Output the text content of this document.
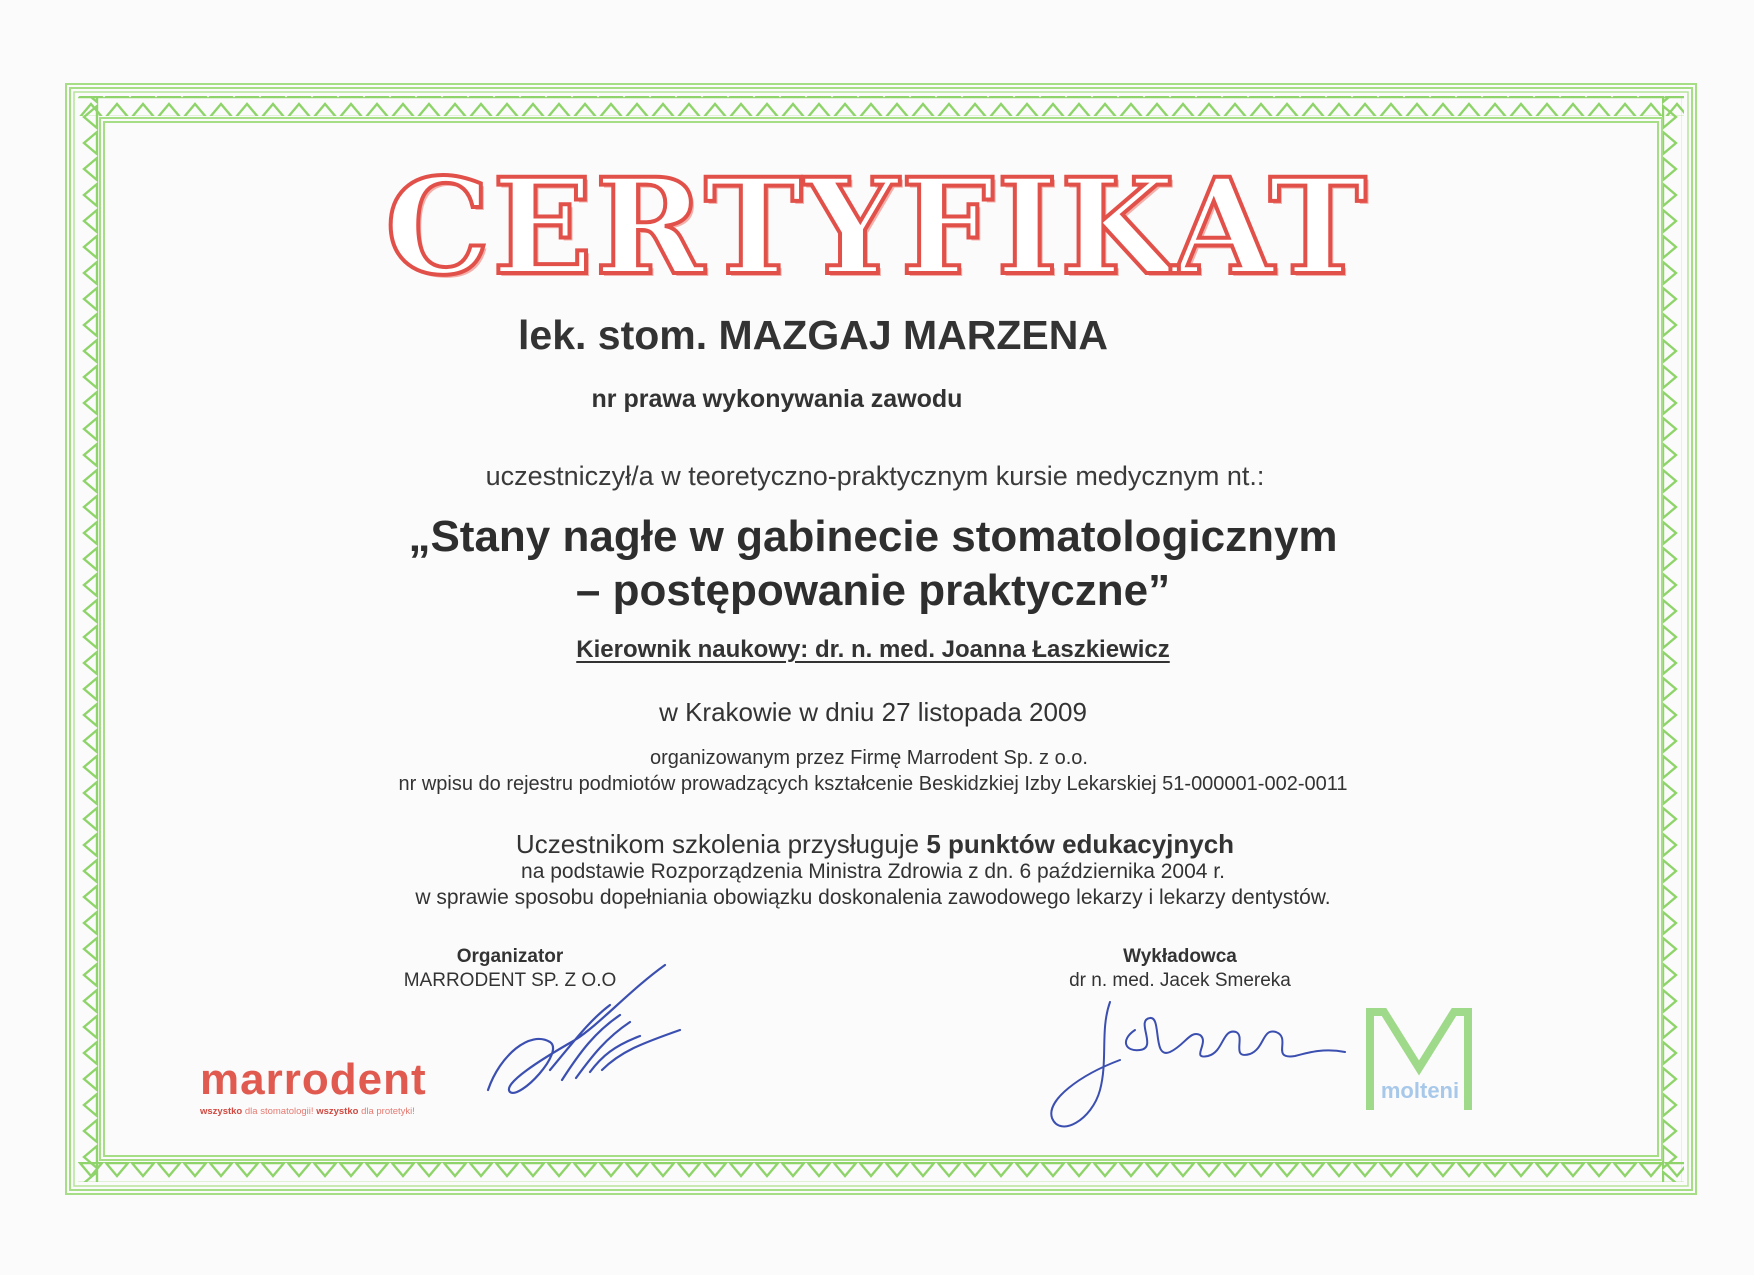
CERTYFIKAT
lek. stom. MAZGAJ MARZENA
nr prawa wykonywania zawodu
uczestniczył/a w teoretyczno-praktycznym kursie medycznym nt.:
„Stany nagłe w gabinecie stomatologicznym
– postępowanie praktyczne”
Kierownik naukowy: dr. n. med. Joanna Łaszkiewicz
w Krakowie w dniu 27 listopada 2009
organizowanym przez Firmę Marrodent Sp. z o.o.
nr wpisu do rejestru podmiotów prowadzących kształcenie Beskidzkiej Izby Lekarskiej 51-000001-002-0011
Uczestnikom szkolenia przysługuje 5 punktów edukacyjnych
na podstawie Rozporządzenia Ministra Zdrowia z dn. 6 października 2004 r.
w sprawie sposobu dopełniania obowiązku doskonalenia zawodowego lekarzy i lekarzy dentystów.
Organizator
MARRODENT SP. Z O.O
Wykładowca
dr n. med. Jacek Smereka
marrodent
wszystko dla stomatologii! wszystko dla protetyki!
molteni
